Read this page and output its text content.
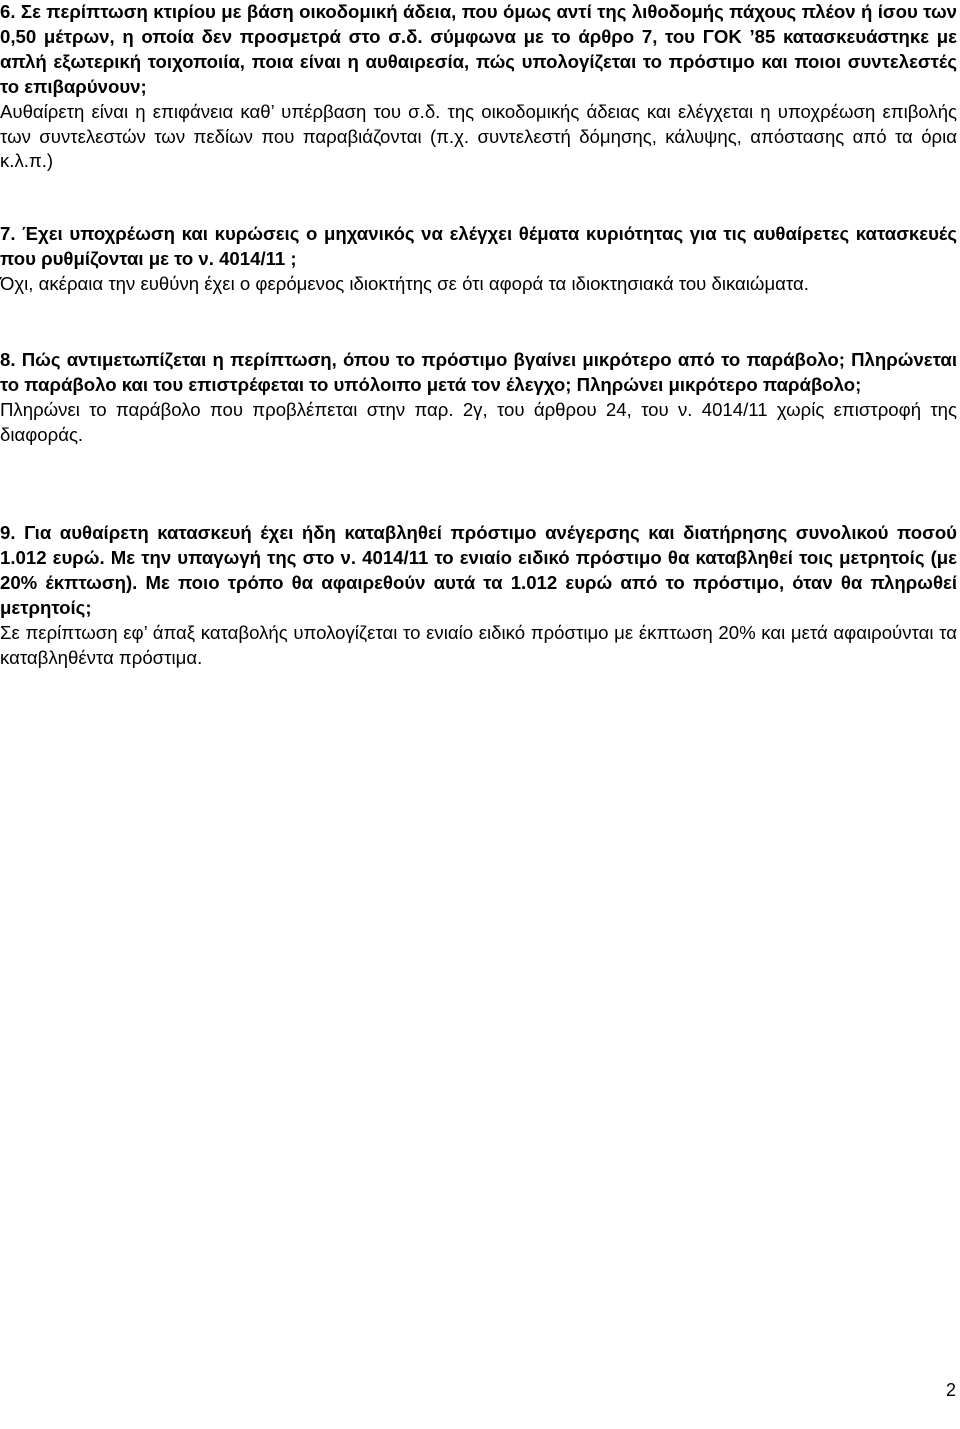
6. Σε περίπτωση κτιρίου με βάση οικοδομική άδεια, που όμως αντί της λιθοδομής πάχους πλέον ή ίσου των 0,50 μέτρων, η οποία δεν προσμετρά στο σ.δ. σύμφωνα με το άρθρο 7, του ΓΟΚ ’85 κατασκευάστηκε με απλή εξωτερική τοιχοποιία, ποια είναι η αυθαιρεσία, πώς υπολογίζεται το πρόστιμο και ποιοι συντελεστές το επιβαρύνουν;
Αυθαίρετη είναι η επιφάνεια καθ’ υπέρβαση του σ.δ. της οικοδομικής άδειας και ελέγχεται η υποχρέωση επιβολής των συντελεστών των πεδίων που παραβιάζονται (π.χ. συντελεστή δόμησης, κάλυψης, απόστασης από τα όρια κ.λ.π.)
7. Έχει υποχρέωση και κυρώσεις ο μηχανικός να ελέγχει θέματα κυριότητας για τις αυθαίρετες κατασκευές που ρυθμίζονται με το ν. 4014/11 ;
Όχι, ακέραια την ευθύνη έχει ο φερόμενος ιδιοκτήτης σε ότι αφορά τα ιδιοκτησιακά του δικαιώματα.
8. Πώς αντιμετωπίζεται η περίπτωση, όπου το πρόστιμο βγαίνει μικρότερο από το παράβολο; Πληρώνεται το παράβολο και του επιστρέφεται το υπόλοιπο μετά τον έλεγχο; Πληρώνει μικρότερο παράβολο;
Πληρώνει το παράβολο που προβλέπεται στην παρ. 2γ, του άρθρου 24, του ν. 4014/11 χωρίς επιστροφή της διαφοράς.
9. Για αυθαίρετη κατασκευή έχει ήδη καταβληθεί πρόστιμο ανέγερσης και διατήρησης συνολικού ποσού 1.012 ευρώ. Με την υπαγωγή της στο ν. 4014/11 το ενιαίο ειδικό πρόστιμο θα καταβληθεί τοις μετρητοίς (με 20% έκπτωση). Με ποιο τρόπο θα αφαιρεθούν αυτά τα 1.012 ευρώ από το πρόστιμο, όταν θα πληρωθεί μετρητοίς;
Σε περίπτωση εφ’ άπαξ καταβολής υπολογίζεται το ενιαίο ειδικό πρόστιμο με έκπτωση 20% και μετά αφαιρούνται τα καταβληθέντα πρόστιμα.
2
